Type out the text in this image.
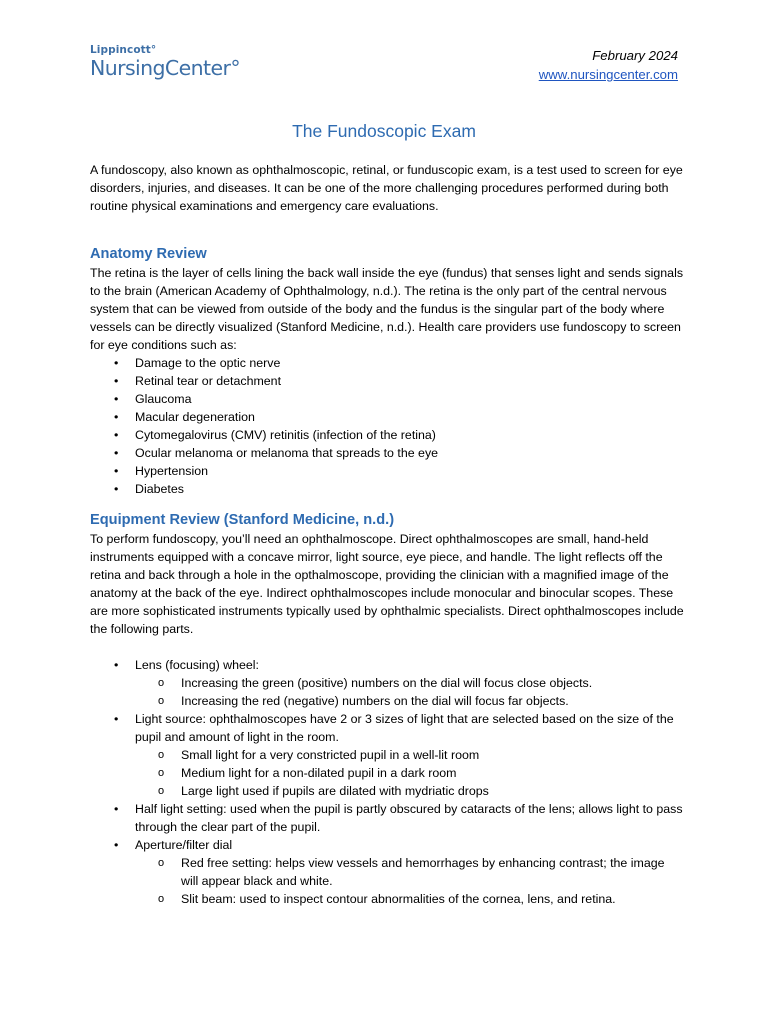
Lippincott°
NursingCenter°
February 2024
www.nursingcenter.com
The Fundoscopic Exam

A fundoscopy, also known as ophthalmoscopic, retinal, or funduscopic exam, is a test used to screen for eye disorders, injuries, and diseases. It can be one of the more challenging procedures performed during both routine physical examinations and emergency care evaluations.

Anatomy Review

The retina is the layer of cells lining the back wall inside the eye (fundus) that senses light and sends signals to the brain (American Academy of Ophthalmology, n.d.). The retina is the only part of the central nervous system that can be viewed from outside of the body and the fundus is the singular part of the body where vessels can be directly visualized (Stanford Medicine, n.d.). Health care providers use fundoscopy to screen for eye conditions such as:

• Damage to the optic nerve
• Retinal tear or detachment
• Glaucoma
• Macular degeneration
• Cytomegalovirus (CMV) retinitis (infection of the retina)
• Ocular melanoma or melanoma that spreads to the eye
• Hypertension
• Diabetes
Equipment Review (Stanford Medicine, n.d.)

To perform fundoscopy, you’ll need an ophthalmoscope. Direct ophthalmoscopes are small, hand-held instruments equipped with a concave mirror, light source, eye piece, and handle. The light reflects off the retina and back through a hole in the opthalmoscope, providing the clinician with a magnified image of the anatomy at the back of the eye. Indirect ophthalmoscopes include monocular and binocular scopes. These are more sophisticated instruments typically used by ophthalmic specialists. Direct ophthalmoscopes include the following parts.

• Lens (focusing) wheel:
o Increasing the green (positive) numbers on the dial will focus close objects.
o Increasing the red (negative) numbers on the dial will focus far objects.
• Light source: ophthalmoscopes have 2 or 3 sizes of light that are selected based on the size of the pupil and amount of light in the room.
o Small light for a very constricted pupil in a well-lit room
o Medium light for a non-dilated pupil in a dark room
o Large light used if pupils are dilated with mydriatic drops
• Half light setting: used when the pupil is partly obscured by cataracts of the lens; allows light to pass through the clear part of the pupil.
• Aperture/filter dial
o Red free setting: helps view vessels and hemorrhages by enhancing contrast; the image will appear black and white.
o Slit beam: used to inspect contour abnormalities of the cornea, lens, and retina.
